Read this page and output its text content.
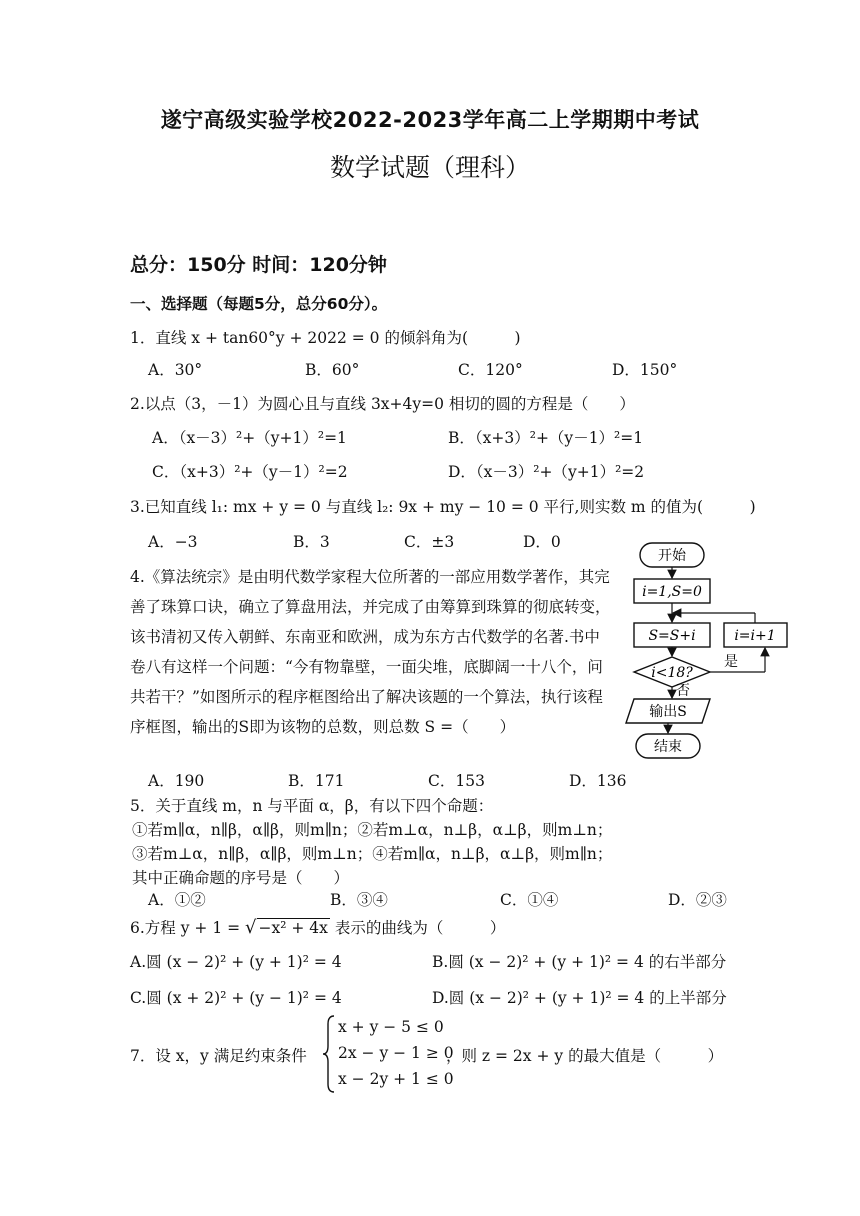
遂宁高级实验学校2022-2023学年高二上学期期中考试
数学试题（理科）
总分：150分 时间：120分钟
一、选择题（每题5分，总分60分）。
1．直线 x + tan60°y + 2022 = 0 的倾斜角为(　　　)
A．30°	B．60°	C．120°	D．150°
2.以点（3，－1）为圆心且与直线 3x+4y=0 相切的圆的方程是（　　）
A．（x－3）²+（y+1）²=1	B．（x+3）²+（y－1）²=1
C．（x+3）²+（y－1）²=2	D．（x－3）²+（y+1）²=2
3.已知直线 l₁: mx + y = 0 与直线 l₂: 9x + my − 10 = 0 平行,则实数 m 的值为(　　　)
A．−3	B．3	C．±3	D．0
4.《算法统宗》是由明代数学家程大位所著的一部应用数学著作，其完善了珠算口诀，确立了算盘用法，并完成了由筹算到珠算的彻底转变，该书清初又传入朝鲜、东南亚和欧洲，成为东方古代数学的名著.书中卷八有这样一个问题：“今有物靠壁，一面尖堆，底脚阔一十八个，问共若干？”如图所示的程序框图给出了解决该题的一个算法，执行该程序框图，输出的S即为该物的总数，则总数 S =（　　）
A．190	B．171	C．153	D．136
开始
i=1,S=0
S=S+i
i<18?
是
i=i+1
否
输出S
结束
5．关于直线 m，n 与平面 α，β，有以下四个命题：
①若m∥α，n∥β，α∥β，则m∥n；②若m⊥α，n⊥β，α⊥β，则m⊥n；
③若m⊥α，n∥β，α∥β，则m⊥n；④若m∥α，n⊥β，α⊥β，则m∥n；
其中正确命题的序号是（　　）
A．①②	B．③④	C．①④	D．②③
6.方程 y + 1 = √ −x² + 4x 表示的曲线为（　　　）
A.圆 (x − 2)² + (y + 1)² = 4	B.圆 (x − 2)² + (y + 1)² = 4 的右半部分
C.圆 (x + 2)² + (y − 1)² = 4	D.圆 (x − 2)² + (y + 1)² = 4 的上半部分
7．设 x，y 满足约束条件
x + y − 5 ≤ 0
2x − y − 1 ≥ 0
x − 2y + 1 ≤ 0
，则 z = 2x + y 的最大值是（　　　）
